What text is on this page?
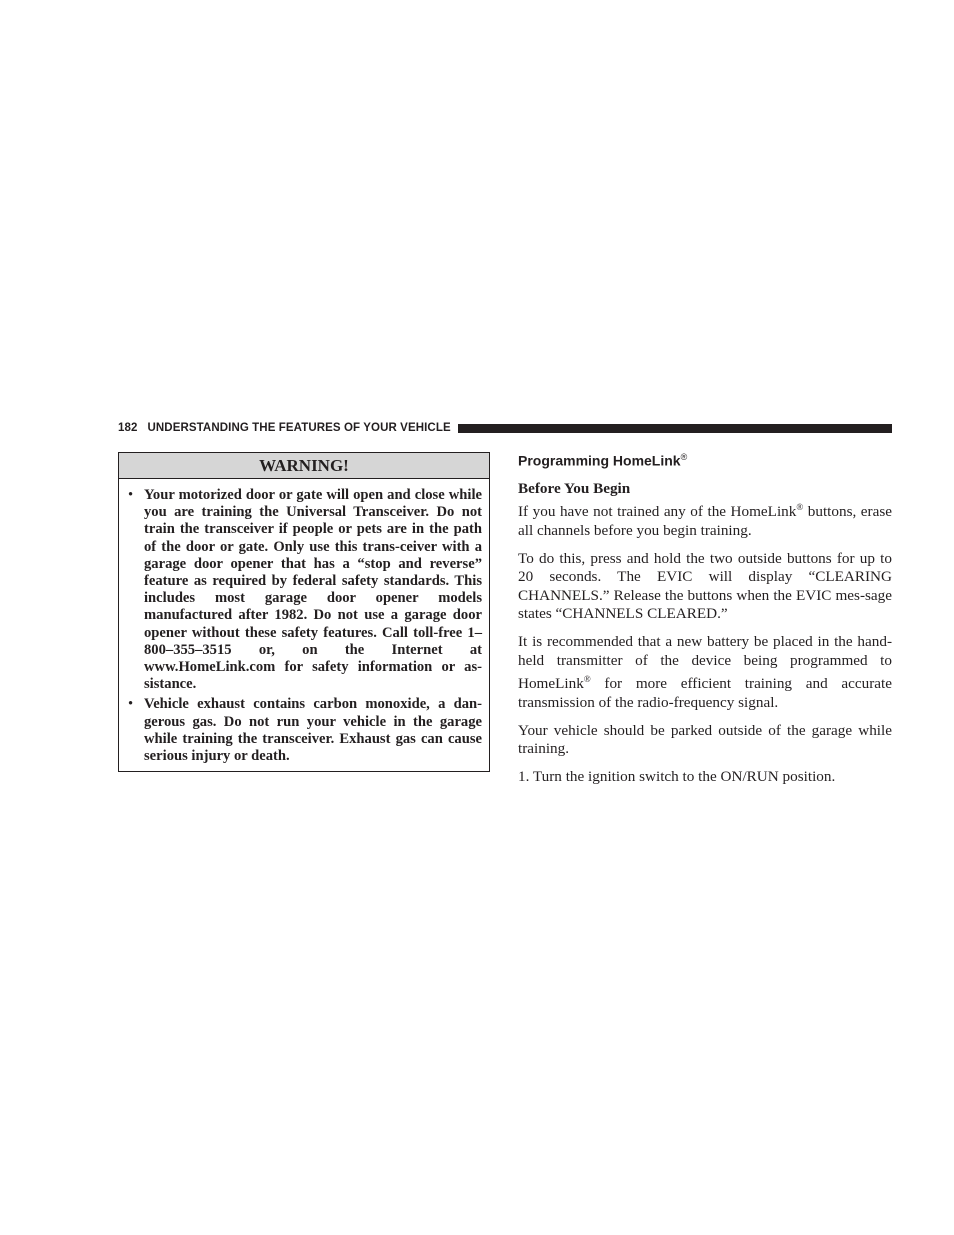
182 UNDERSTANDING THE FEATURES OF YOUR VEHICLE
WARNING!
• Your motorized door or gate will open and close while you are training the Universal Transceiver. Do not train the transceiver if people or pets are in the path of the door or gate. Only use this trans-ceiver with a garage door opener that has a “stop and reverse” feature as required by federal safety standards. This includes most garage door opener models manufactured after 1982. Do not use a garage door opener without these safety features. Call toll-free 1–800–355–3515 or, on the Internet at www.HomeLink.com for safety information or as-sistance.
• Vehicle exhaust contains carbon monoxide, a dan-gerous gas. Do not run your vehicle in the garage while training the transceiver. Exhaust gas can cause serious injury or death.
Programming HomeLink®

Before You Begin

If you have not trained any of the HomeLink® buttons, erase all channels before you begin training.

To do this, press and hold the two outside buttons for up to 20 seconds. The EVIC will display “CLEARING CHANNELS.” Release the buttons when the EVIC mes-sage states “CHANNELS CLEARED.”

It is recommended that a new battery be placed in the hand-held transmitter of the device being programmed to HomeLink® for more efficient training and accurate transmission of the radio-frequency signal.

Your vehicle should be parked outside of the garage while training.

1. Turn the ignition switch to the ON/RUN position.
